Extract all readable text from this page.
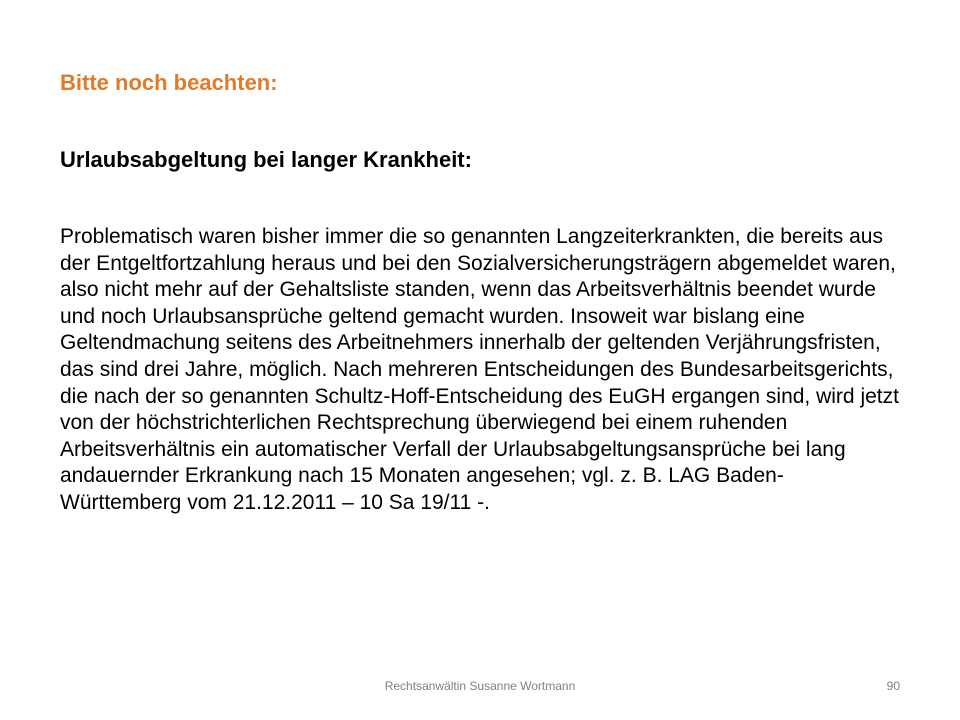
Bitte noch beachten:
Urlaubsabgeltung bei langer Krankheit:

Problematisch waren bisher immer die so genannten Langzeiterkrankten, die bereits aus der Entgeltfortzahlung heraus und bei den Sozialversicherungsträgern abgemeldet waren, also nicht mehr auf der Gehaltsliste standen, wenn das Arbeitsverhältnis beendet wurde und noch Urlaubsansprüche geltend gemacht wurden. Insoweit war bislang eine Geltendmachung seitens des Arbeitnehmers innerhalb der geltenden Verjährungsfristen, das sind drei Jahre, möglich. Nach mehreren Entscheidungen des Bundesarbeitsgerichts, die nach der so genannten Schultz-Hoff-Entscheidung des EuGH ergangen sind, wird jetzt von der höchstrichterlichen Rechtsprechung überwiegend bei einem ruhenden Arbeitsverhältnis ein automatischer Verfall der Urlaubsabgeltungsansprüche bei lang andauernder Erkrankung nach 15 Monaten angesehen; vgl. z. B. LAG Baden-Württemberg vom 21.12.2011 – 10 Sa 19/11 -.

Rechtsanwältin Susanne Wortmann	90
